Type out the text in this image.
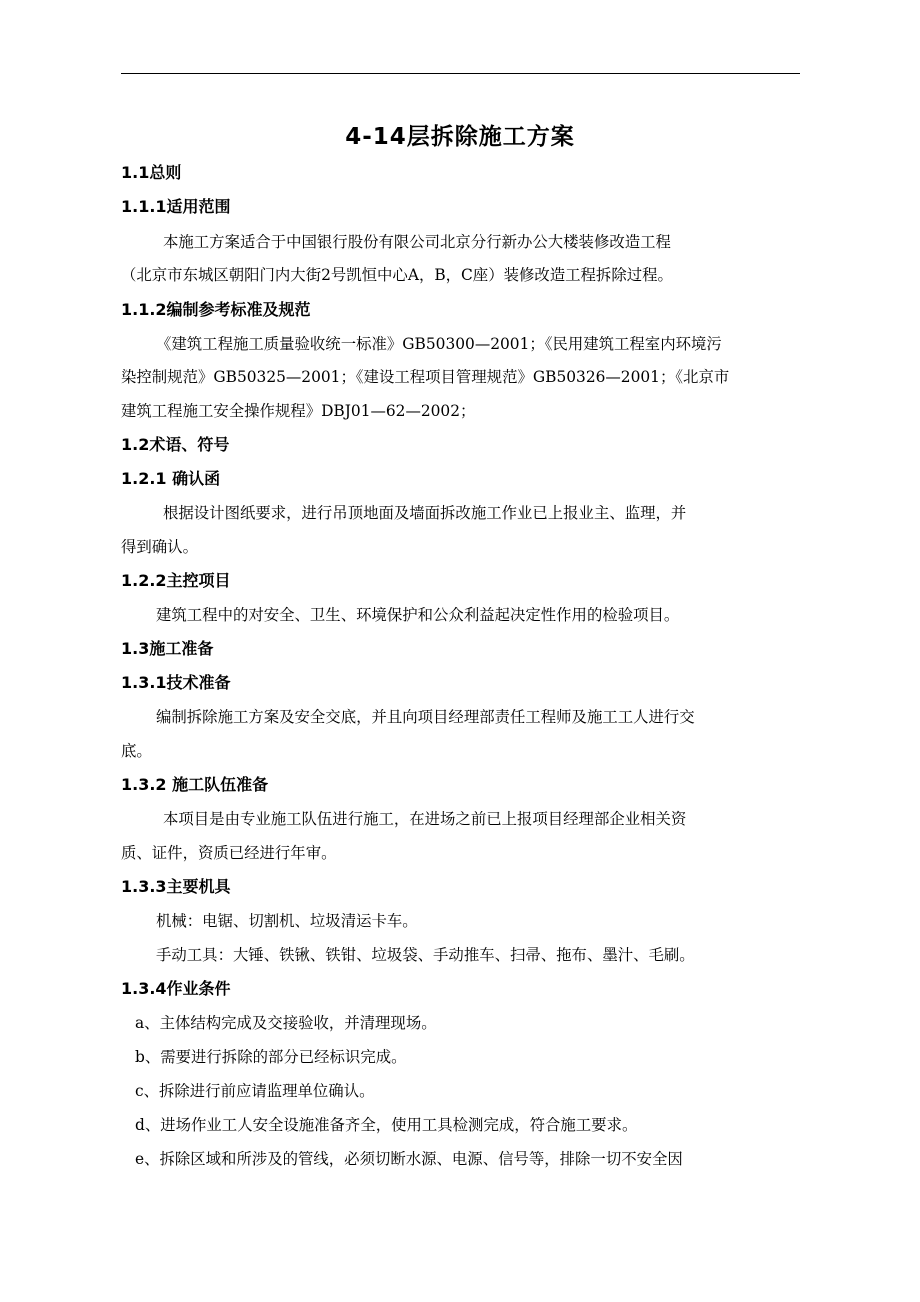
4-14层拆除施工方案
1.1总则
1.1.1适用范围
本施工方案适合于中国银行股份有限公司北京分行新办公大楼装修改造工程
（北京市东城区朝阳门内大街2号凯恒中心A，B，C座）装修改造工程拆除过程。
1.1.2编制参考标准及规范
《建筑工程施工质量验收统一标准》GB50300—2001；《民用建筑工程室内环境污
染控制规范》GB50325—2001；《建设工程项目管理规范》GB50326—2001；《北京市
建筑工程施工安全操作规程》DBJ01—62—2002；
1.2术语、符号
1.2.1 确认函
根据设计图纸要求，进行吊顶地面及墙面拆改施工作业已上报业主、监理，并
得到确认。
1.2.2主控项目
建筑工程中的对安全、卫生、环境保护和公众利益起决定性作用的检验项目。
1.3施工准备
1.3.1技术准备
编制拆除施工方案及安全交底，并且向项目经理部责任工程师及施工工人进行交
底。
1.3.2 施工队伍准备
本项目是由专业施工队伍进行施工，在进场之前已上报项目经理部企业相关资
质、证件，资质已经进行年审。
1.3.3主要机具
机械：电锯、切割机、垃圾清运卡车。
手动工具：大锤、铁锹、铁钳、垃圾袋、手动推车、扫帚、拖布、墨汁、毛刷。
1.3.4作业条件
a、主体结构完成及交接验收，并清理现场。
b、需要进行拆除的部分已经标识完成。
c、拆除进行前应请监理单位确认。
d、进场作业工人安全设施准备齐全，使用工具检测完成，符合施工要求。
e、拆除区域和所涉及的管线，必须切断水源、电源、信号等，排除一切不安全因
